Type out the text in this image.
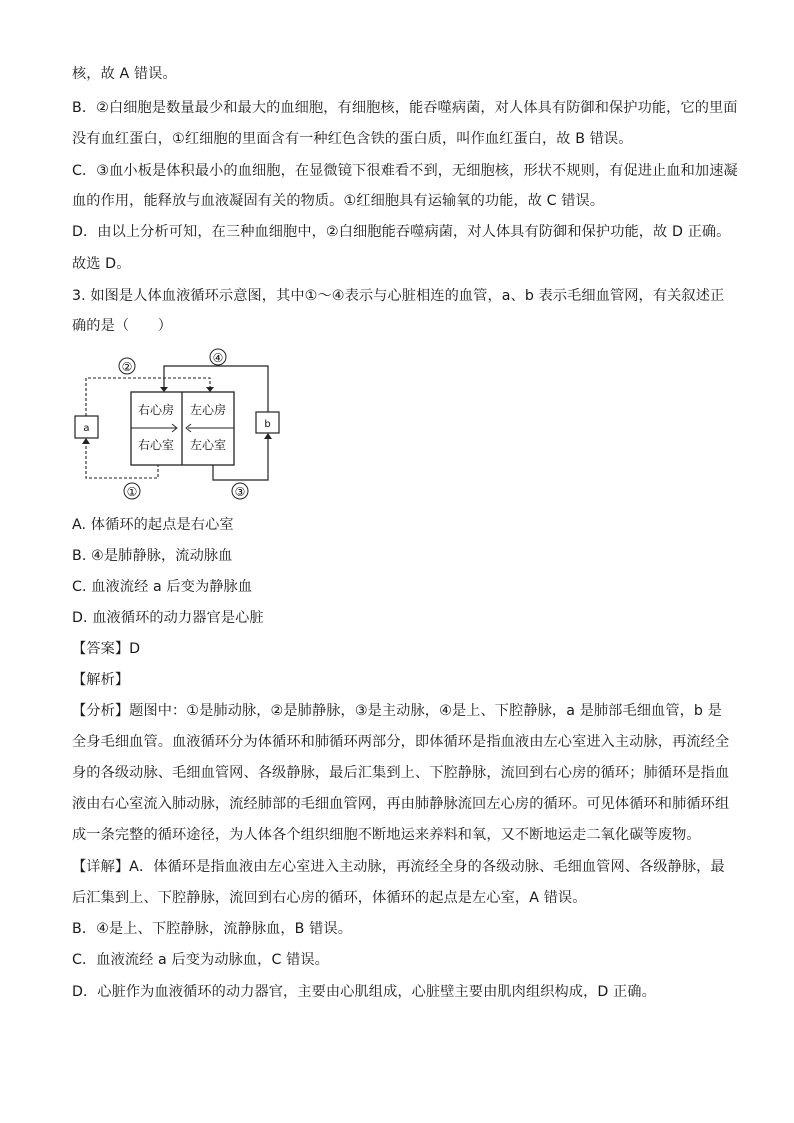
核，故 A 错误。
B．②白细胞是数量最少和最大的血细胞，有细胞核，能吞噬病菌，对人体具有防御和保护功能，它的里面
没有血红蛋白，①红细胞的里面含有一种红色含铁的蛋白质，叫作血红蛋白，故 B 错误。
C．③血小板是体积最小的血细胞，在显微镜下很难看不到，无细胞核，形状不规则，有促进止血和加速凝
血的作用，能释放与血液凝固有关的物质。①红细胞具有运输氧的功能，故 C 错误。
D．由以上分析可知，在三种血细胞中，②白细胞能吞噬病菌，对人体具有防御和保护功能，故 D 正确。
故选 D。
3. 如图是人体血液循环示意图，其中①～④表示与心脏相连的血管，a、b 表示毛细血管网，有关叙述正
确的是（　　）
右心房 左心房
右心室 左心室
a	b
①
②
③
④
A. 体循环的起点是右心室
B. ④是肺静脉，流动脉血
C. 血液流经 a 后变为静脉血
D. 血液循环的动力器官是心脏
【答案】D
【解析】
【分析】题图中：①是肺动脉，②是肺静脉，③是主动脉，④是上、下腔静脉，a 是肺部毛细血管，b 是
全身毛细血管。血液循环分为体循环和肺循环两部分，即体循环是指血液由左心室进入主动脉，再流经全
身的各级动脉、毛细血管网、各级静脉，最后汇集到上、下腔静脉，流回到右心房的循环；肺循环是指血
液由右心室流入肺动脉，流经肺部的毛细血管网，再由肺静脉流回左心房的循环。可见体循环和肺循环组
成一条完整的循环途径，为人体各个组织细胞不断地运来养料和氧，又不断地运走二氧化碳等废物。
【详解】A．体循环是指血液由左心室进入主动脉，再流经全身的各级动脉、毛细血管网、各级静脉，最
后汇集到上、下腔静脉，流回到右心房的循环，体循环的起点是左心室，A 错误。
B．④是上、下腔静脉，流静脉血，B 错误。
C．血液流经 a 后变为动脉血，C 错误。
D．心脏作为血液循环的动力器官，主要由心肌组成，心脏壁主要由肌肉组织构成，D 正确。
